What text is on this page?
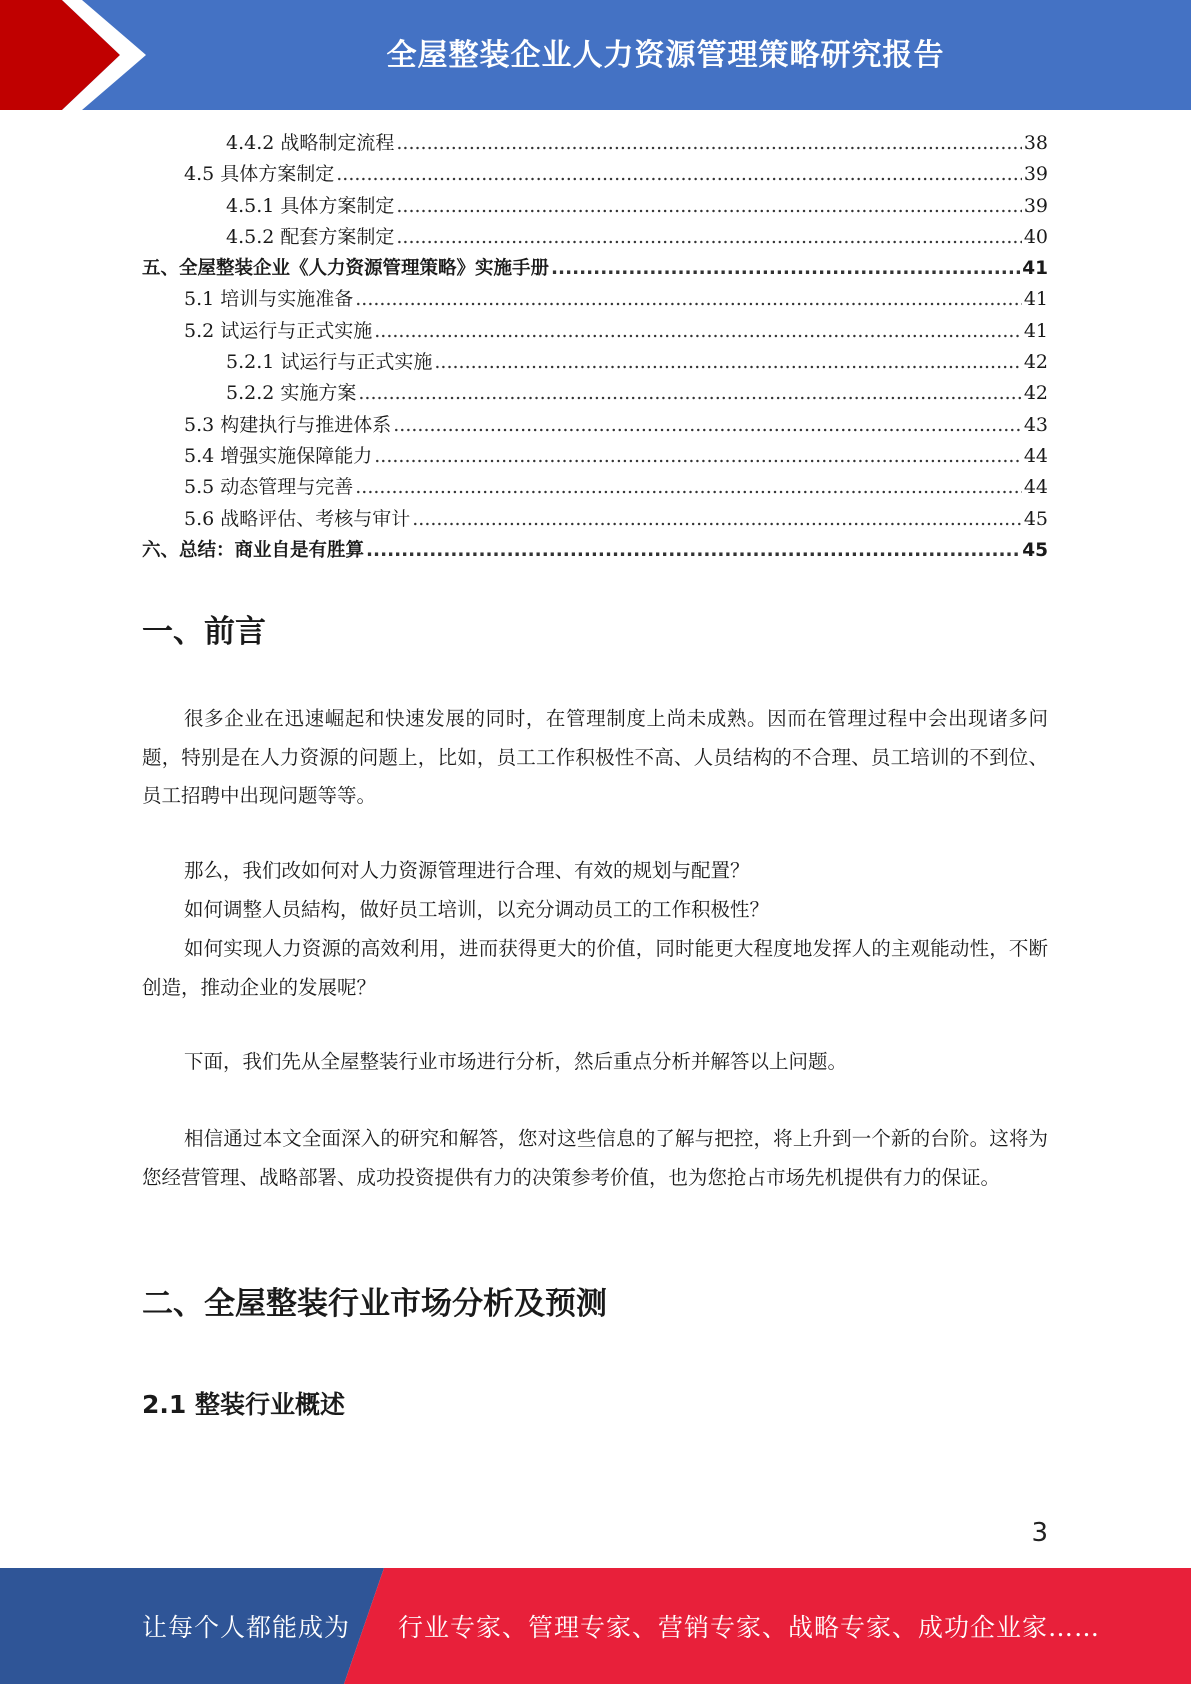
全屋整装企业人力资源管理策略研究报告
4.4.2 战略制定流程 .....	38
4.5 具体方案制定 .....	39
4.5.1 具体方案制定 .....	39
4.5.2 配套方案制定 .....	40
五、全屋整装企业《人力资源管理策略》实施手册 .....	41
5.1 培训与实施准备 .....	41
5.2 试运行与正式实施 .....	41
5.2.1 试运行与正式实施 .....	42
5.2.2 实施方案 .....	42
5.3 构建执行与推进体系 .....	43
5.4 增强实施保障能力 .....	44
5.5 动态管理与完善 .....	44
5.6 战略评估、考核与审计 .....	45
六、总结：商业自是有胜算 .....	45
一、前言

很多企业在迅速崛起和快速发展的同时，在管理制度上尚未成熟。因而在管理过程中会出现诸多问题，特别是在人力资源的问题上，比如，员工工作积极性不高、人员结构的不合理、员工培训的不到位、员工招聘中出现问题等等。

那么，我们改如何对人力资源管理进行合理、有效的规划与配置？

如何调整人员結构，做好员工培训，以充分调动员工的工作积极性？

如何实现人力资源的高效利用，进而获得更大的价值，同时能更大程度地发挥人的主观能动性，不断创造，推动企业的发展呢？

下面，我们先从全屋整装行业市场进行分析，然后重点分析并解答以上问题。

相信通过本文全面深入的研究和解答，您对这些信息的了解与把控，将上升到一个新的台阶。这将为您经营管理、战略部署、成功投资提供有力的决策参考价值，也为您抢占市场先机提供有力的保证。

二、全屋整装行业市场分析及预测
2.1 整装行业概述
3
让每个人都能成为 行业专家、管理专家、营销专家、战略专家、成功企业家……
